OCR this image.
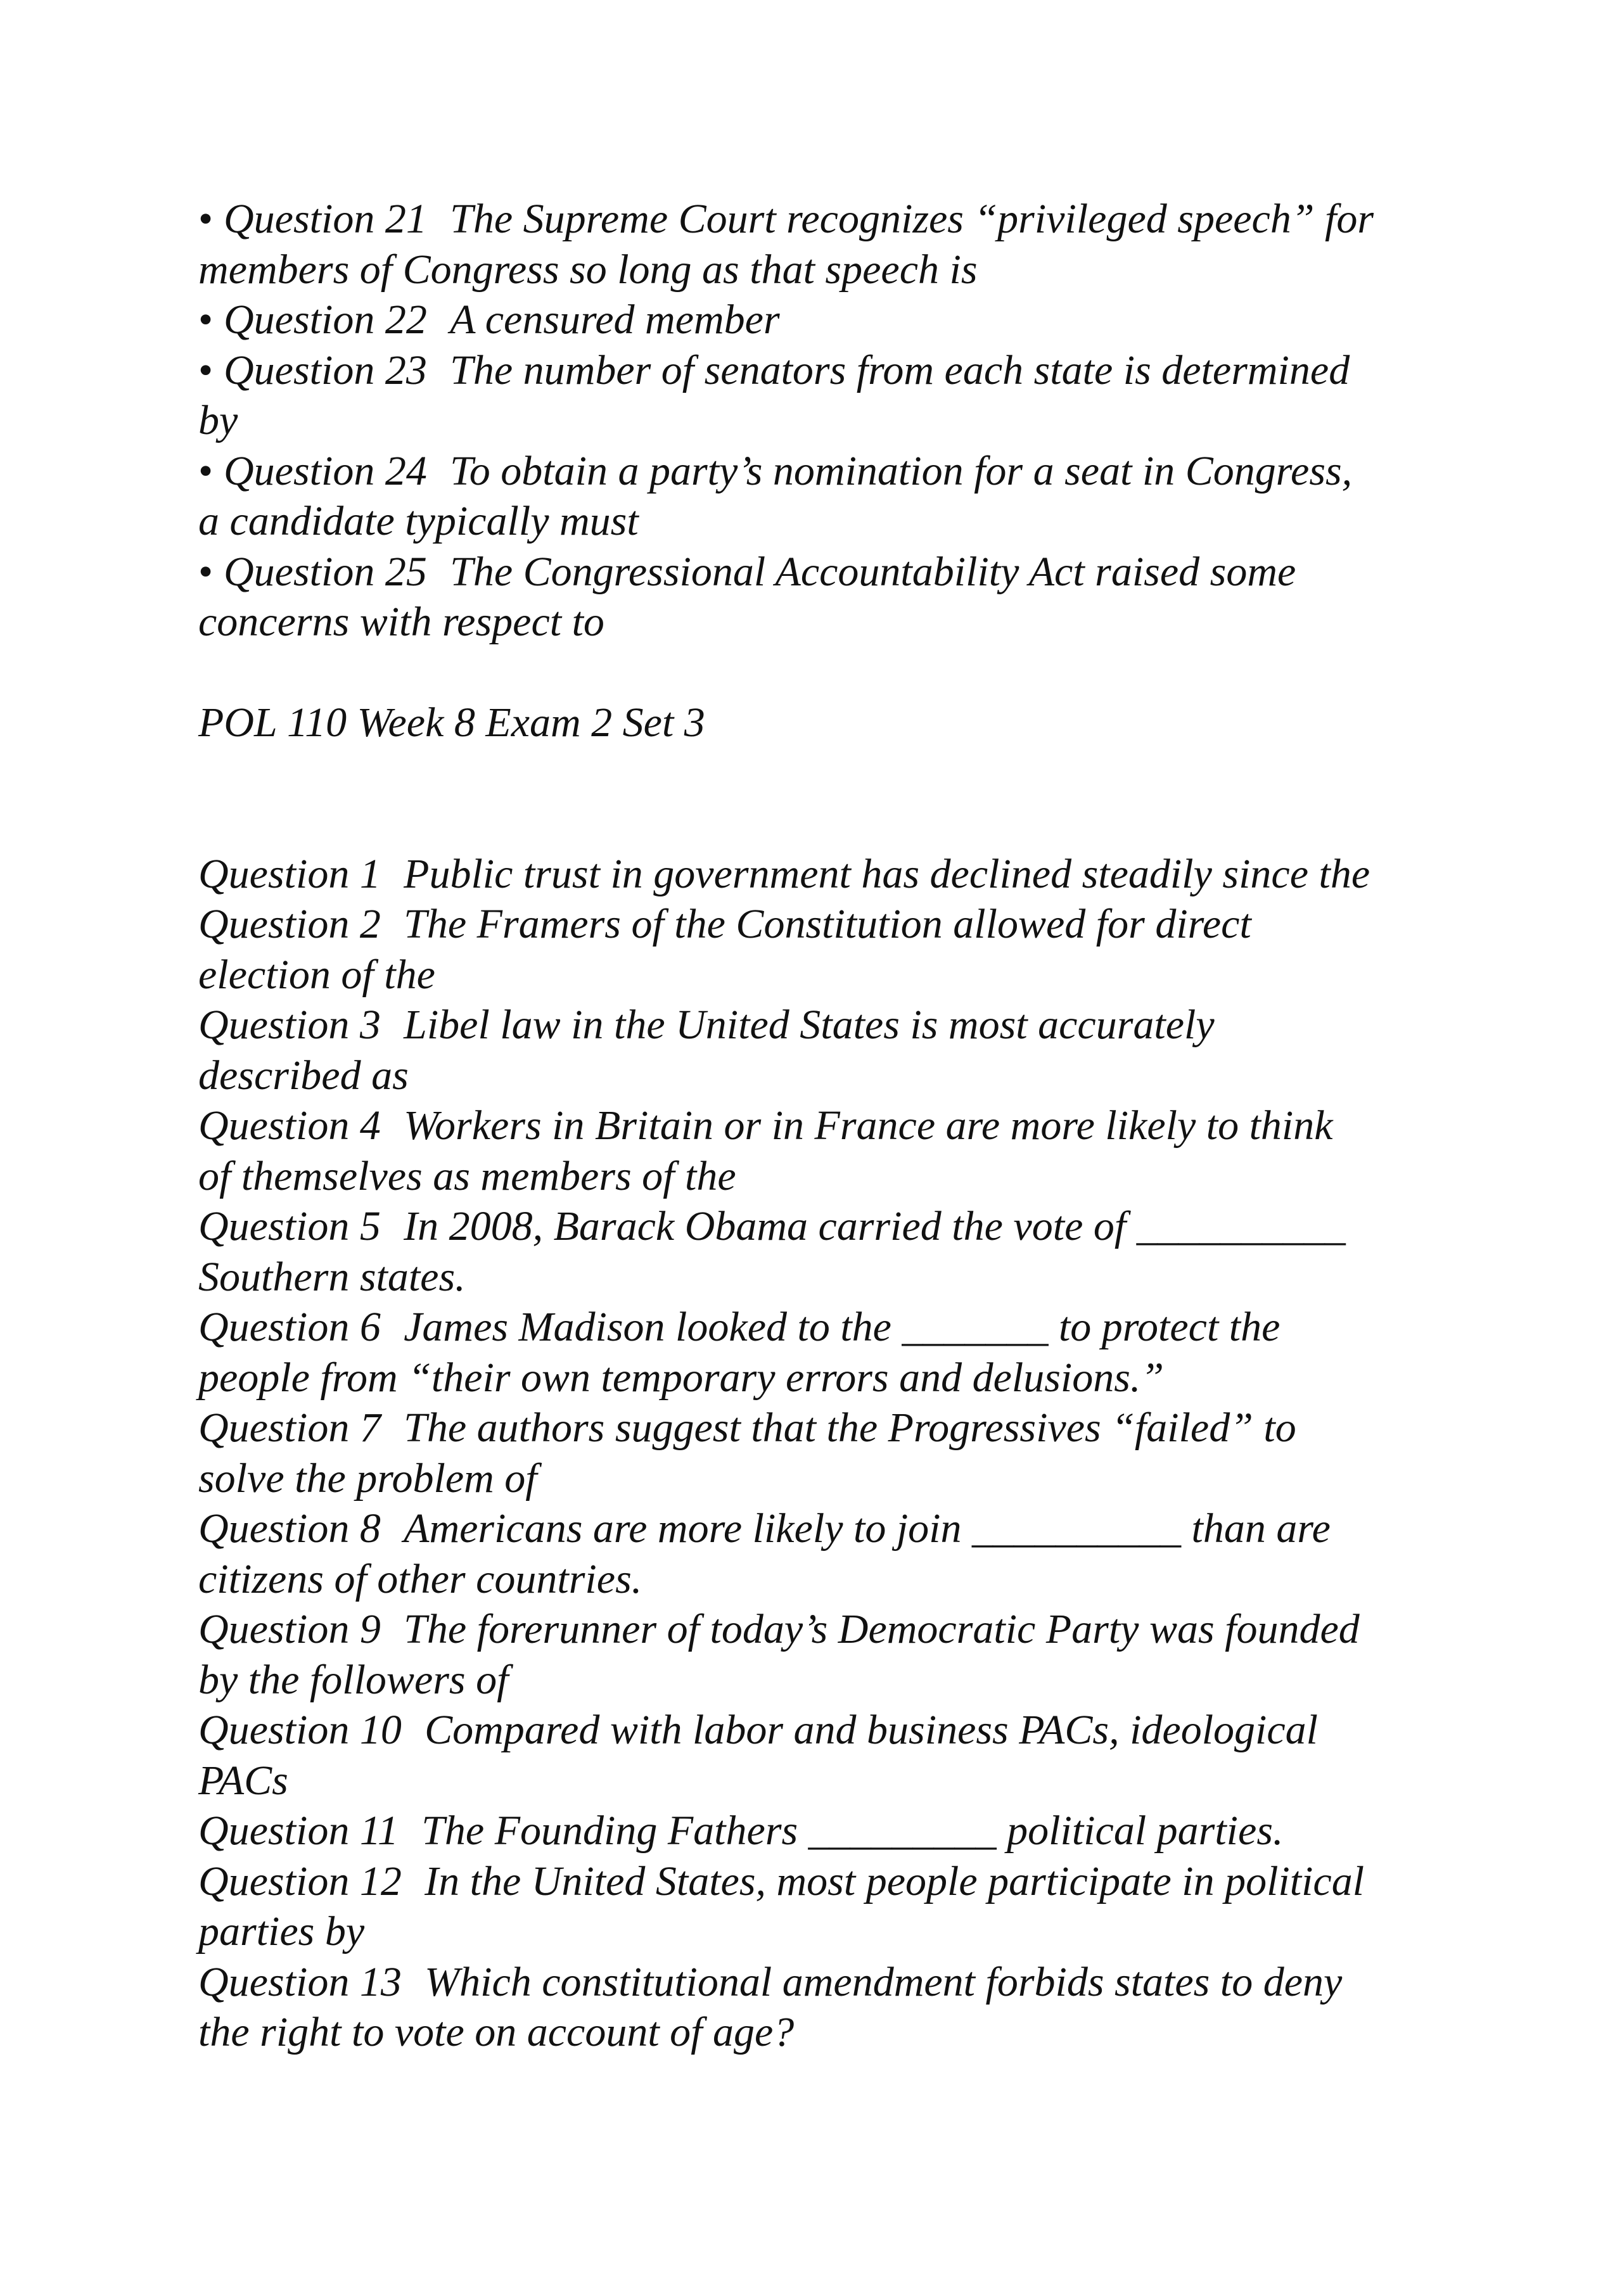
• Question 21 The Supreme Court recognizes “privileged speech” for
members of Congress so long as that speech is
• Question 22 A censured member
• Question 23 The number of senators from each state is determined
by
• Question 24 To obtain a party’s nomination for a seat in Congress,
a candidate typically must
• Question 25 The Congressional Accountability Act raised some
concerns with respect to
POL 110 Week 8 Exam 2 Set 3
Question 1 Public trust in government has declined steadily since the
Question 2 The Framers of the Constitution allowed for direct
election of the
Question 3 Libel law in the United States is most accurately
described as
Question 4 Workers in Britain or in France are more likely to think
of themselves as members of the
Question 5 In 2008, Barack Obama carried the vote of __________
Southern states.
Question 6 James Madison looked to the _______ to protect the
people from “their own temporary errors and delusions.”
Question 7 The authors suggest that the Progressives “failed” to
solve the problem of
Question 8 Americans are more likely to join __________ than are
citizens of other countries.
Question 9 The forerunner of today’s Democratic Party was founded
by the followers of
Question 10 Compared with labor and business PACs, ideological
PACs
Question 11 The Founding Fathers _________ political parties.
Question 12 In the United States, most people participate in political
parties by
Question 13 Which constitutional amendment forbids states to deny
the right to vote on account of age?
